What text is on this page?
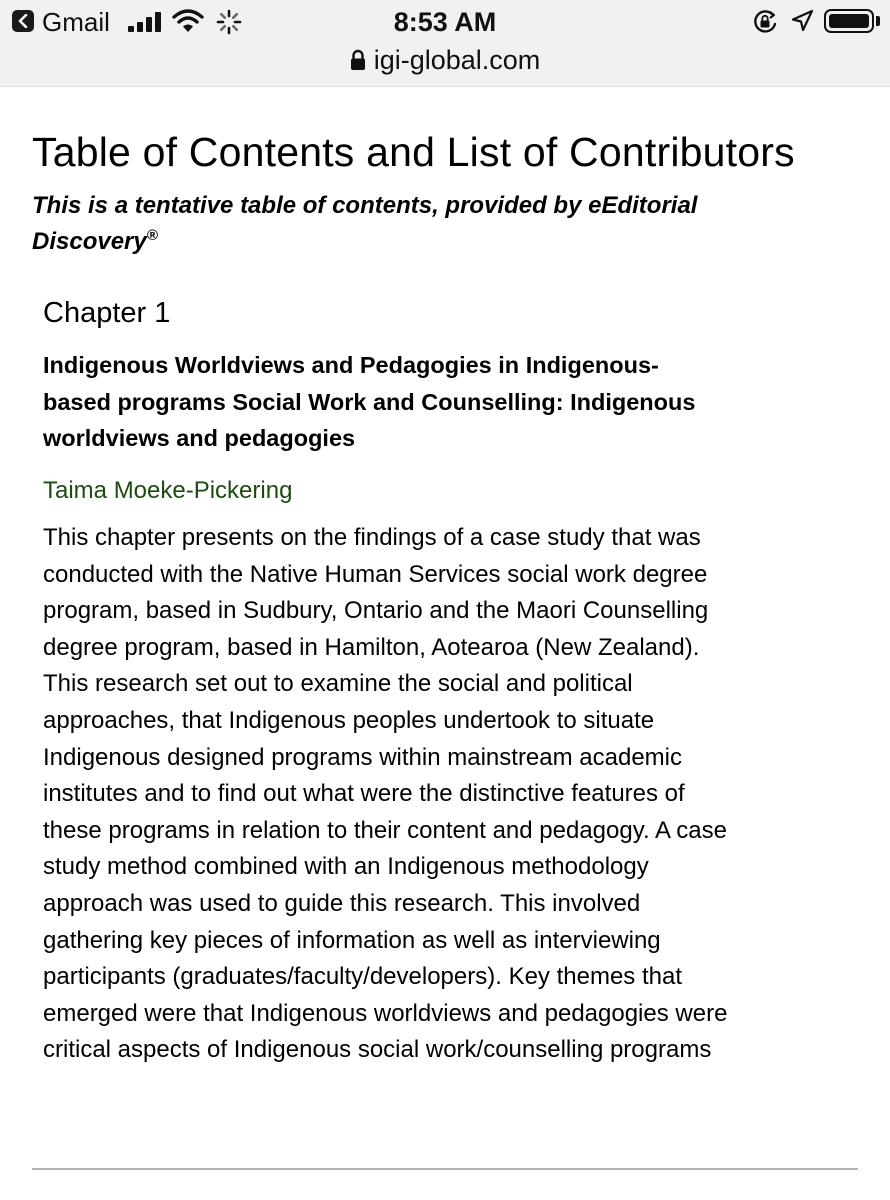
Gmail	8:53 AM
igi-global.com
Table of Contents and List of Contributors

This is a tentative table of contents, provided by eEditorial Discovery®

Chapter 1
Indigenous Worldviews and Pedagogies in Indigenous-based programs Social Work and Counselling: Indigenous worldviews and pedagogies
Taima Moeke-Pickering

This chapter presents on the findings of a case study that was conducted with the Native Human Services social work degree program, based in Sudbury, Ontario and the Maori Counselling degree program, based in Hamilton, Aotearoa (New Zealand). This research set out to examine the social and political approaches, that Indigenous peoples undertook to situate Indigenous designed programs within mainstream academic institutes and to find out what were the distinctive features of these programs in relation to their content and pedagogy. A case study method combined with an Indigenous methodology approach was used to guide this research. This involved gathering key pieces of information as well as interviewing participants (graduates/faculty/developers). Key themes that emerged were that Indigenous worldviews and pedagogies were critical aspects of Indigenous social work/counselling programs
